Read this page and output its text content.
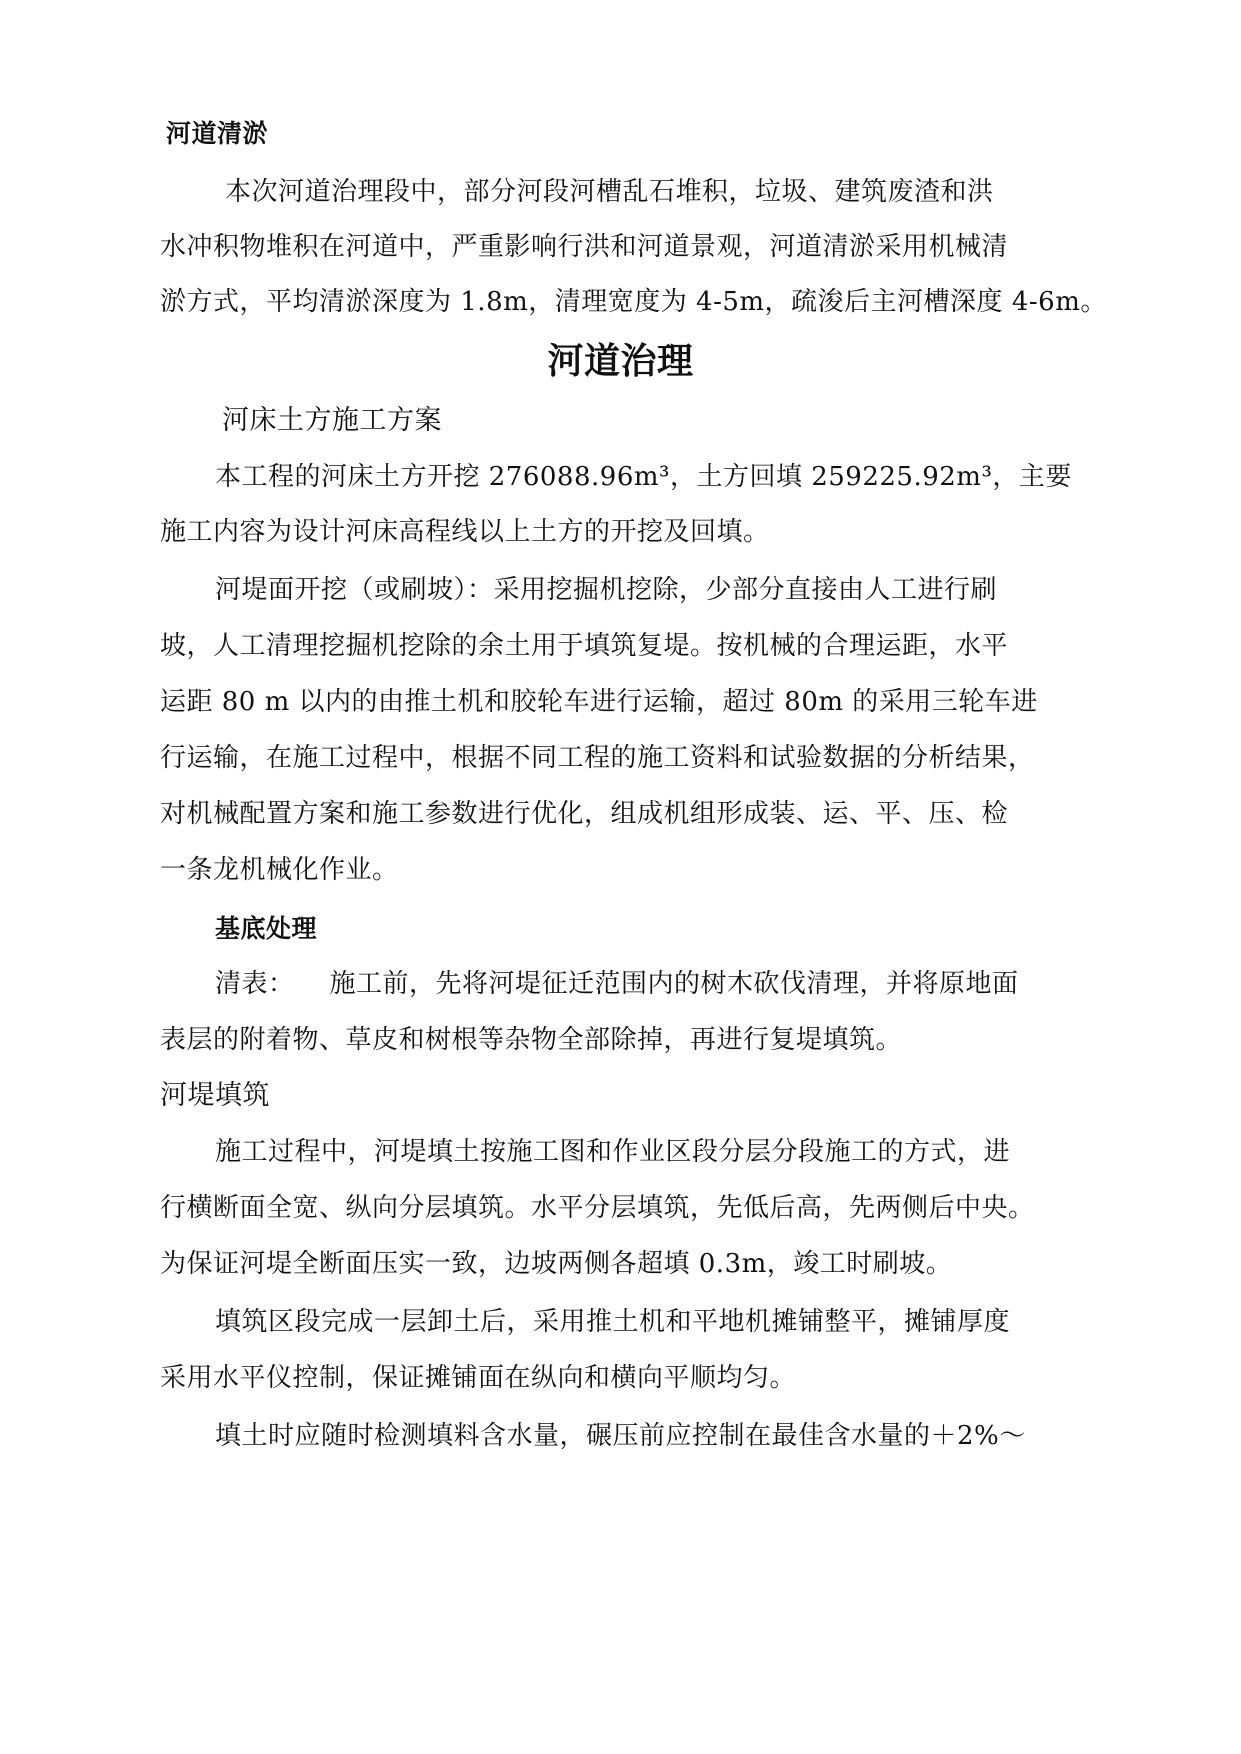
河道清淤
本次河道治理段中，部分河段河槽乱石堆积，垃圾、建筑废渣和洪
水冲积物堆积在河道中，严重影响行洪和河道景观，河道清淤采用机械清
淤方式，平均清淤深度为 1.8m，清理宽度为 4-5m，疏浚后主河槽深度 4-6m。
河道治理
河床土方施工方案
本工程的河床土方开挖 276088.96m³，土方回填 259225.92m³，主要
施工内容为设计河床高程线以上土方的开挖及回填。
河堤面开挖（或刷坡）：采用挖掘机挖除，少部分直接由人工进行刷
坡，人工清理挖掘机挖除的余土用于填筑复堤。按机械的合理运距，水平
运距 80 m 以内的由推土机和胶轮车进行运输，超过 80m 的采用三轮车进
行运输，在施工过程中，根据不同工程的施工资料和试验数据的分析结果，
对机械配置方案和施工参数进行优化，组成机组形成装、运、平、压、检
一条龙机械化作业。
基底处理
清表：    施工前，先将河堤征迁范围内的树木砍伐清理，并将原地面
表层的附着物、草皮和树根等杂物全部除掉，再进行复堤填筑。
河堤填筑
施工过程中，河堤填土按施工图和作业区段分层分段施工的方式，进
行横断面全宽、纵向分层填筑。水平分层填筑，先低后高，先两侧后中央。
为保证河堤全断面压实一致，边坡两侧各超填 0.3m，竣工时刷坡。
填筑区段完成一层卸土后，采用推土机和平地机摊铺整平，摊铺厚度
采用水平仪控制，保证摊铺面在纵向和横向平顺均匀。
填土时应随时检测填料含水量，碾压前应控制在最佳含水量的＋2%～
